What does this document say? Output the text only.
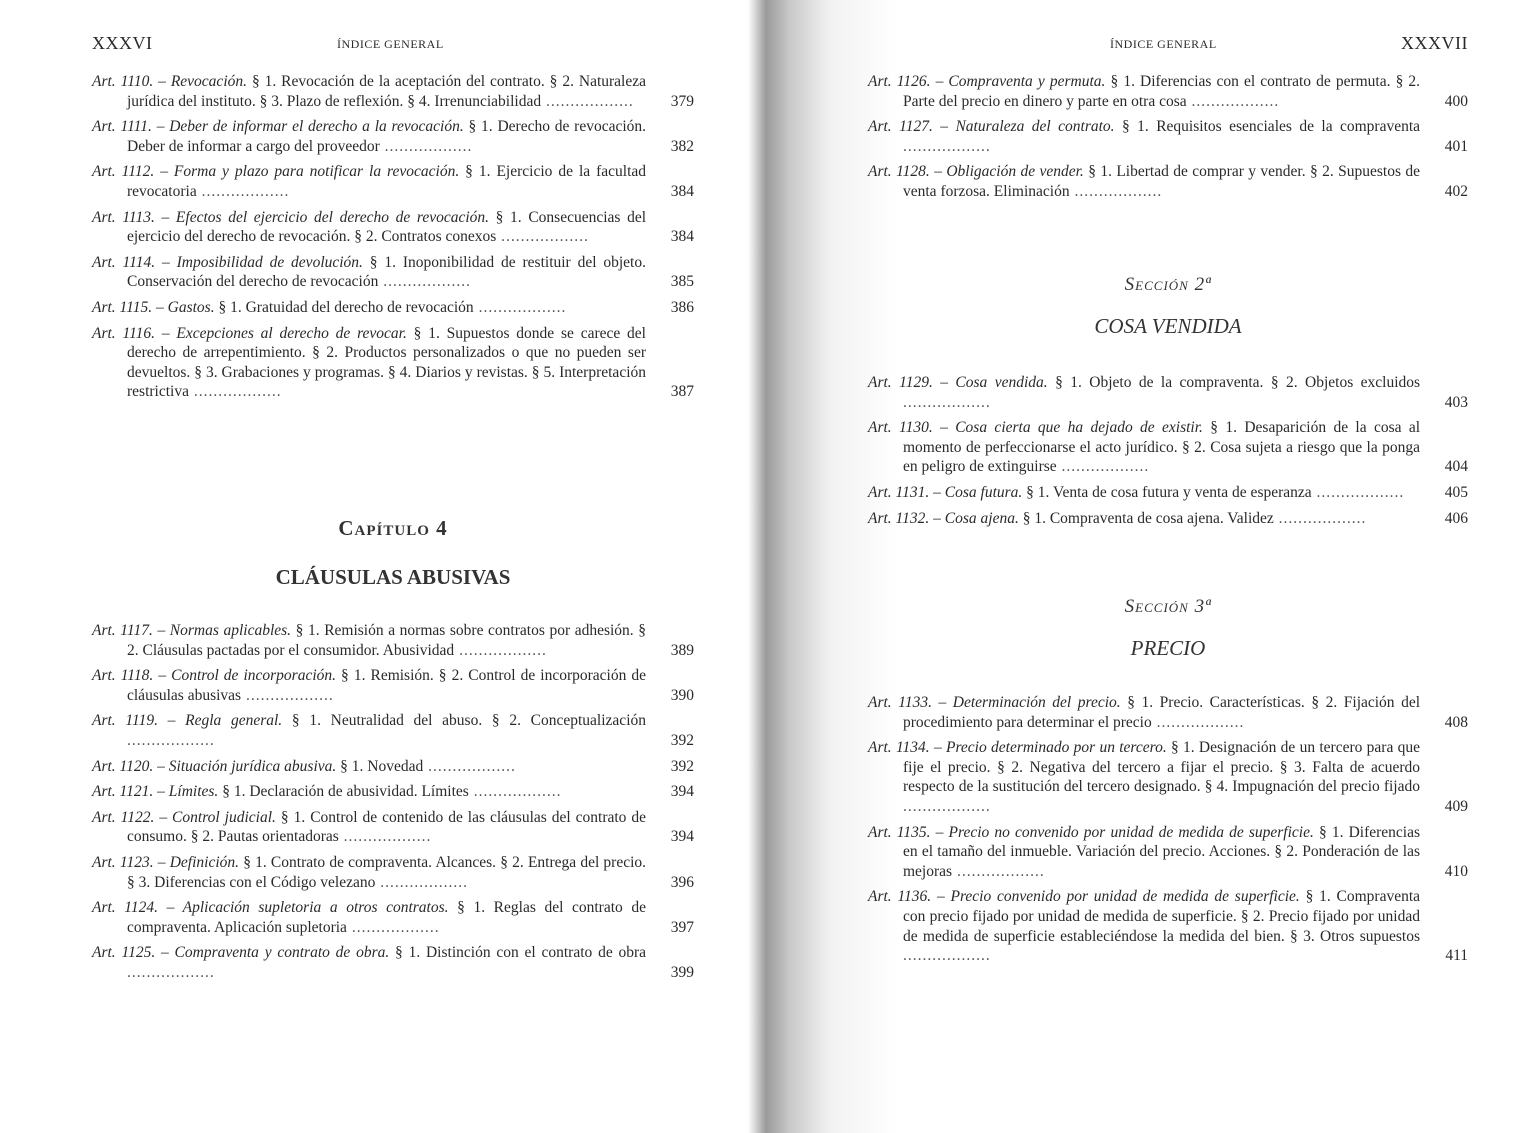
XXXVI	ÍNDICE GENERAL
Art. 1110. – Revocación. § 1. Revocación de la aceptación del contrato. § 2. Naturaleza jurídica del instituto. § 3. Plazo de reflexión. § 4. Irrenunciabilidad ..................	379
Art. 1111. – Deber de informar el derecho a la revocación. § 1. Derecho de revocación. Deber de informar a cargo del proveedor ..................	382
Art. 1112. – Forma y plazo para notificar la revocación. § 1. Ejercicio de la facultad revocatoria ..................	384
Art. 1113. – Efectos del ejercicio del derecho de revocación. § 1. Consecuencias del ejercicio del derecho de revocación. § 2. Contratos conexos ..................	384
Art. 1114. – Imposibilidad de devolución. § 1. Inoponibilidad de restituir del objeto. Conservación del derecho de revocación ..................	385
Art. 1115. – Gastos. § 1. Gratuidad del derecho de revocación ..................	386
Art. 1116. – Excepciones al derecho de revocar. § 1. Supuestos donde se carece del derecho de arrepentimiento. § 2. Productos personalizados o que no pueden ser devueltos. § 3. Grabaciones y programas. § 4. Diarios y revistas. § 5. Interpretación restrictiva ..................	387
Capítulo 4
CLÁUSULAS ABUSIVAS
Art. 1117. – Normas aplicables. § 1. Remisión a normas sobre contratos por adhesión. § 2. Cláusulas pactadas por el consumidor. Abusividad ..................	389
Art. 1118. – Control de incorporación. § 1. Remisión. § 2. Control de incorporación de cláusulas abusivas ..................	390
Art. 1119. – Regla general. § 1. Neutralidad del abuso. § 2. Conceptualización ..................	392
Art. 1120. – Situación jurídica abusiva. § 1. Novedad ..................	392
Art. 1121. – Límites. § 1. Declaración de abusividad. Límites ..................	394
Art. 1122. – Control judicial. § 1. Control de contenido de las cláusulas del contrato de consumo. § 2. Pautas orientadoras ..................	394
Art. 1123. – Definición. § 1. Contrato de compraventa. Alcances. § 2. Entrega del precio. § 3. Diferencias con el Código velezano ..................	396
Art. 1124. – Aplicación supletoria a otros contratos. § 1. Reglas del contrato de compraventa. Aplicación supletoria ..................	397
Art. 1125. – Compraventa y contrato de obra. § 1. Distinción con el contrato de obra ..................	399
ÍNDICE GENERAL	XXXVII
Art. 1126. – Compraventa y permuta. § 1. Diferencias con el contrato de permuta. § 2. Parte del precio en dinero y parte en otra cosa ..................	400
Art. 1127. – Naturaleza del contrato. § 1. Requisitos esenciales de la compraventa ..................	401
Art. 1128. – Obligación de vender. § 1. Libertad de comprar y vender. § 2. Supuestos de venta forzosa. Eliminación ..................	402
Sección 2ª
COSA VENDIDA
Art. 1129. – Cosa vendida. § 1. Objeto de la compraventa. § 2. Objetos excluidos ..................	403
Art. 1130. – Cosa cierta que ha dejado de existir. § 1. Desaparición de la cosa al momento de perfeccionarse el acto jurídico. § 2. Cosa sujeta a riesgo que la ponga en peligro de extinguirse ..................	404
Art. 1131. – Cosa futura. § 1. Venta de cosa futura y venta de esperanza ..................	405
Art. 1132. – Cosa ajena. § 1. Compraventa de cosa ajena. Validez ..................	406
Sección 3ª
PRECIO
Art. 1133. – Determinación del precio. § 1. Precio. Características. § 2. Fijación del procedimiento para determinar el precio ..................	408
Art. 1134. – Precio determinado por un tercero. § 1. Designación de un tercero para que fije el precio. § 2. Negativa del tercero a fijar el precio. § 3. Falta de acuerdo respecto de la sustitución del tercero designado. § 4. Impugnación del precio fijado ..................	409
Art. 1135. – Precio no convenido por unidad de medida de superficie. § 1. Diferencias en el tamaño del inmueble. Variación del precio. Acciones. § 2. Ponderación de las mejoras ..................	410
Art. 1136. – Precio convenido por unidad de medida de superficie. § 1. Compraventa con precio fijado por unidad de medida de superficie. § 2. Precio fijado por unidad de medida de superficie estableciéndose la medida del bien. § 3. Otros supuestos ..................	411
